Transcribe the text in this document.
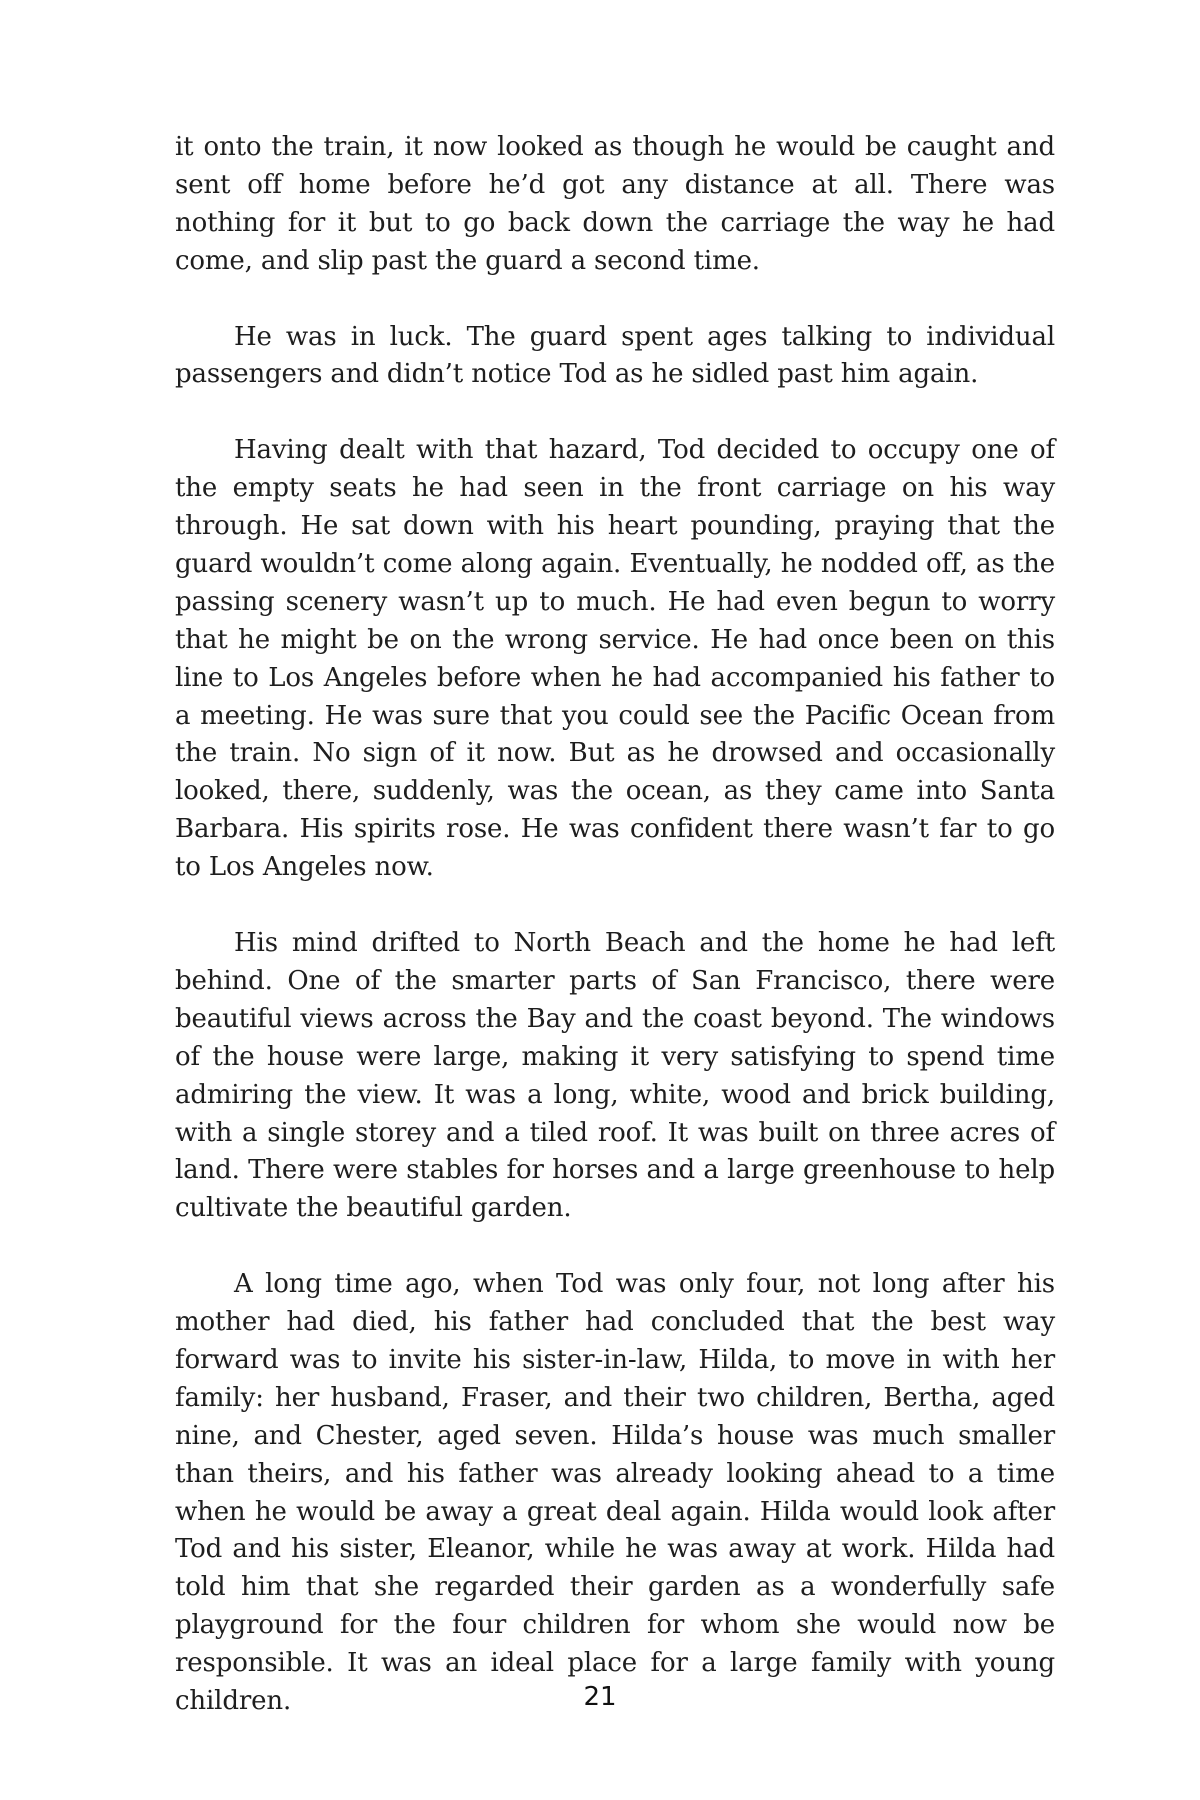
it onto the train, it now looked as though he would be caught and sent off home before he’d got any distance at all. There was nothing for it but to go back down the carriage the way he had come, and slip past the guard a second time.

He was in luck. The guard spent ages talking to individual passengers and didn’t notice Tod as he sidled past him again.

Having dealt with that hazard, Tod decided to occupy one of the empty seats he had seen in the front carriage on his way through. He sat down with his heart pounding, praying that the guard wouldn’t come along again. Eventually, he nodded off, as the passing scenery wasn’t up to much. He had even begun to worry that he might be on the wrong service. He had once been on this line to Los Angeles before when he had accompanied his father to a meeting. He was sure that you could see the Pacific Ocean from the train. No sign of it now. But as he drowsed and occasionally looked, there, suddenly, was the ocean, as they came into Santa Barbara. His spirits rose. He was confident there wasn’t far to go to Los Angeles now.

His mind drifted to North Beach and the home he had left behind. One of the smarter parts of San Francisco, there were beautiful views across the Bay and the coast beyond. The windows of the house were large, making it very satisfying to spend time admiring the view. It was a long, white, wood and brick building, with a single storey and a tiled roof. It was built on three acres of land. There were stables for horses and a large greenhouse to help cultivate the beautiful garden.

A long time ago, when Tod was only four, not long after his mother had died, his father had concluded that the best way forward was to invite his sister-in-law, Hilda, to move in with her family: her husband, Fraser, and their two children, Bertha, aged nine, and Chester, aged seven. Hilda’s house was much smaller than theirs, and his father was already looking ahead to a time when he would be away a great deal again. Hilda would look after Tod and his sister, Eleanor, while he was away at work. Hilda had told him that she regarded their garden as a wonderfully safe playground for the four children for whom she would now be responsible. It was an ideal place for a large family with young children.	21
